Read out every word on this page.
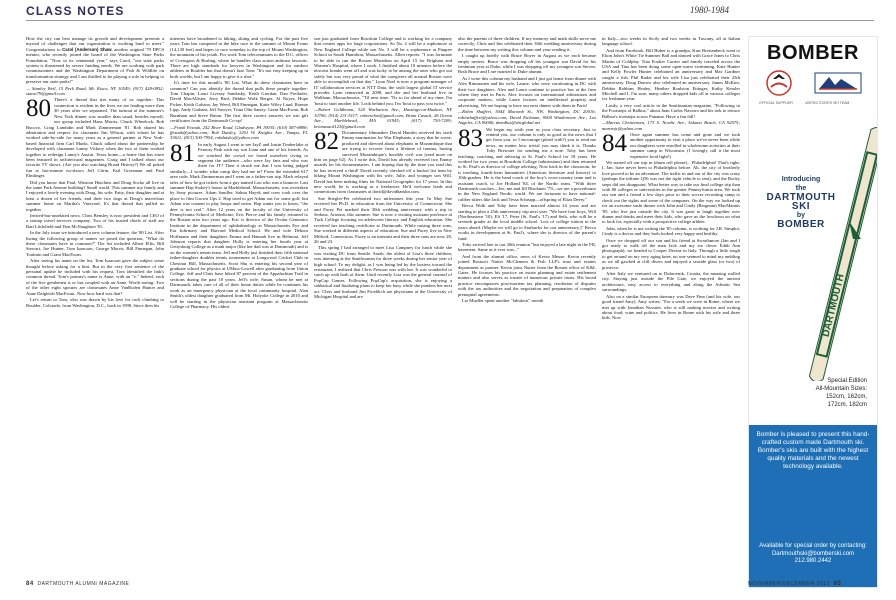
CLASS NOTES	1980-1984

How the city can best manage its growth and development presents a myriad of challenges that our organization is working hard to meet." Congratulations to Carol (Anderson) Shaw, another original '79 DPCS mentor, who recently joined the board of the Washington State Parks Foundation, "Now in its centennial year," says Carol, "our state parks system is threatened by severe funding needs. We are working with park commissioners and the Washington Department of Fish & Wildlife on transformation strategy and I am thrilled to be playing a role in helping to preserve our state parks!"

— Stanley Weil, 15 Peck Road, Mt. Kisco, NY 10549; (917) 428-0852; stanw79@gmail.com

80 There's a thread that ties many of us together: This connection is evident in the lives we are leading more than 30 years after we separated. The turnout at the summer's New York dinner was smaller than usual, besides myself, our group included Hans Morris, Chuck Wheelock, Rob Bucoco, Craig Lambdin and Mark Zimmerman '81. Rob shared his admiration and respect for classmate Jim Wilson, with whom he has worked side-by-side for many years as a general partner at New York-based financial firm Carl Marks. Chuck talked about the partnership he developed with classmate Lanny Vickery when the two of them worked together to redesign Lanny's Austin, Texas home—a home that has since been featured in architectural magazines. Craig and I talked about our favorite TV shows. (Are you also watching Broad History?) We all poked fun at last-minute no-shows Jeff Citrin, Earl Grossman and Paul Elmlinger.

Did you know that Paul, Winston Hutchins and Doug Socko all live in the same Park Avenue building? Small world. This summer my family and I enjoyed a lovely evening with Doug, his wife, Patty, their daughter and at least a dozen of her friends, and their two dogs at Doug's marvelous summer home on Martha's Vineyard. It's that thread that pulled us together.

Invited-but-unrelated news. Chris Bensley is now president and CEO of a startup travel services company. Two of his trusted chiefs of staff are Bart Littlefield and Don McNaughton '81.

In the July issue we introduced a new column feature, the '80 List. After listing the following group of names we posed the question, "What do these classmates have in common?" The list included Albert Ellis, Bill Stewart, Joe Hunter, Tom Isaacson, George Morris, Bill Finnegan, John Toulmin and Grant MacEwan.

After seeing his name on the list, Tom Isaacson gave the subject some thought before asking for a hint. But in the very first sentence of the personal update he included with his request, Tom identified the link's common thread. Tom's partner's name is Anne, with an "e." Indeed, each of the five gentlemen is or has coupled with an Anne. Worth noting: Two of the other eight spouses are classmates Anne VanRoden Hunter and Anne Dalgleish MacEwan. Now how hard was that?

Let's return to Tom, who was drawn by his love for rock climbing to Boulder, Colorado, from Washington, D.C., back in 1998. Since then his

interests have broadened to hiking, skiing and cycling. For the past five years Tom has competed in the bike race to the summit of Mount Evans (14,130 feet) and hopes to race someday to the top of Mount Washington, the mountain of his youth. For work Tom telecommutes to the D.C. offices of Covington & Burling, where he handles class action antitrust lawsuits. There are high standards for lawyers in Washington and for outdoor athletes in Boulder but that doesn't faze Tom: "It's not easy keeping up in both worlds, but I am happy to give it a shot."

It's time for this month's '80 List. What do these classmates have in common? Can you identify the thread that pulls these people together: Tom Chapin, Lauri Livesay Sandusky, Keith Giordan, Dan Freiholer, David MacAllister, Jerry Bird, Debbie Wolk Berger, Al Noyes, Hope Picker, Keith Gulston, Jay Weed, Bill Finnegan, Katie Wiley Laud, Ronnie Lipp, Andy Graham, Jeff Sawyer, Trina Olin Santry, Grant MacEwan, Bob Burnham and Steve Rutan. The first three correct answers we win gift certificates from the Dartmouth Co-op!

—Frank Fesnak, 242 River Road, Gladwyne, PA 19035; (610) 587-8898; ffesnak@yahoo.com; Rob Daisley, 3201 W. Knights Ave., Tampa, FL 33611; (813) 300-7954; robdaisley@yahoo.com

81 In early August I went to see JayZ and Justin Timberlake at Fenway Park with my son Liam and one of his friends. As we watched the crowd we found ourselves trying to segment the audience—who were Jay fans and who was there for JT? Then it struck me that I was being judged similarly—I wonder what camp they had me in? From the extended 617 area code, Mark Zimmerman and I went on a father-son trip. Mark relayed tales of how he got tickets from a guy named Lou who was a bouncer. Last summer Hap Stokey's house in Marblehead, Massachusetts, was overtaken by Sony pictures. Adam Sandler, Salma Hayek and crew took over the place to film Grown Ups 2. Hap tried to get Adam out for some golf, but Adam was content to play hoops and swim. Hap wants you to know, "the deer is not real." After 12 years on the faculty of the University of Pennsylvania School of Medicine, Eric Pierce and his family returned to the Boston area two years ago. Eric is director of the Ocular Genomics Institute in the department of ophthalmology at Massachusetts Eye and Ear Infirmary and Harvard Medical School. He and wife Debora Hoffmann and their daughters Emma and Hannah live in Belmont. Jeff Johnson reports that daughter Holly is entering her fourth year at Gettysburg College as a math major (like her dad was at Dartmouth) and is on the women's tennis team. Jeff and Holly just finished their fifth national father-daughter doubles tennis tournament at Longwood Cricket Club in Chestnut Hill, Massachusetts. Scott Shu is entering his second year of graduate school for physics at UMass-Lowell after graduating from Union College. Jeff and Chris have hiked 87 percent of the Appalachian Trail in sections during the past 10 years. Jeff's wife, Susan, whom he met at Dartmouth, takes care of all of their home duties while he continues his work as an emergency physician at the local community hospital. Alan Smith's oldest daughter graduated from Mt. Holyoke College in 2010 and will be starting in the physician assistant program at Massachusetts College of Pharmacy. His oldest

son just graduated from Bowdoin College and is working for a company that creates apps for large corporations. So No. 2 will be a sophomore at New England College while son No. 3 will be a sophomore at Pingree School in South Hamilton, Massachusetts. Allen reports: "I was fortunate to be able to run the Boston Marathon on April 15 for Brigham and Women's Hospital, where I work. I finished about 10 minutes before the terrorist bombs went off and was lucky to be among the ones who got out safely but was very proud of what the caregivers all around Boston were able to accomplish on that day." Lynn Noel is now a program manager of IT collaboration services at NTT Data, the sixth largest global IT service provider. Lynn remarried in 2008, and she and her husband live in Waltham, Massachusetts. "Til next time. 'Tis so far ahead of my time, I'm 'bout to start another life. Look behind you, I'm 'bout to pass you twice."

—Robert Goldboom, 324 Warburton Ave., Hastings-on-Hudson, NY 10706; (914) 231-5117; robertchoi@gmail.com; Brian Cusack, 26 Ocean Ave., Marblehead, MA 01945; (617) 750-7209; brianusack123@gmail.com

82 Documentary filmmaker David Hamlin received his sixth Emmy nomination for War Elephants, a story that he wrote, produced and directed about elephants in Mozambique that are trying to recover from a lifetime of trauma, having survived Mozambique's horrible civil war (read more on him on page 62). As I write this, David has already received two Emmy awards for his documentaries. I am hoping that by the time you read this he has received a third! David recently checked off a bucket list item by hiking Mount Washington with his wife, Julie, and younger son Will. David has been making films for National Geographic for 17 years. In this new world, he is working as a freelancer. He'd welcome leads and connections from classmates at david@davidhamlin.com.

Sue Stiegler-Pet celebrated two milestones this year. In May Sue received her Ph.D. in education from the University of Connecticut. She and Pacey Pet marked their 30th wedding anniversary with a trip to Sedona, Arizona, this summer. Sue is now a visiting assistant professor at Tuck College focusing on adolescent literacy and English education. She received her teaching certificate at Dartmouth. While raising three sons, Sue worked in different aspects of education. Sue and Pacey live in New Milford, Connecticut. Pacey is an internist and their three sons are now 28, 26 and 23.

This spring I had arranged to meet Lisa Campney for lunch while she was visiting DC from Seattle. Sarah, the oldest of Lisa's three children, was interning at the Smithsonian for three weeks during her senior year of high school. To my delight, as I was being led by the hostess toward the restaurant, I realized that Chris Presson was with her. It was wonderful to catch up with both of them. Until recently Lisa was the general counsel of PopCap Games. Following PopCap's acquisition, she is enjoying a sabbatical and finalizing plans to keep her busy while she ponders her next act. Chris and husband Jim Froehlich are physicians at the University of Michigan Hospital and are

also the parents of three children. If my memory and math skills serve me correctly, Chris and Jim celebrated their 30th wedding anniversary during the time between my writing this column and your reading it.

I caught up briefly with Bruce Boyer in August as we each became empty nesters. Bruce was dropping off his youngest son David for his freshman year at Duke, while I was dropping off my youngest son Steven. Both Bruce and I are married to Duke alumni.

As I write this column my husband and I just got home from dinner with Alex Rimmonen and his wife, Laurie, who were vacationing in DC with their two daughters. Alex and Laura continue to practice law at the firm where they met in Paris. Alex focuses on international arbitrations and corporate matters, while Laure focuses on intellectual property and advertising. We are hoping to have our next dinner with them in Paris!

—Robin Shaffert, 5044 Macomb St., NW, Washington, DC 20016; robinshaffert@yahoo.com; David Eichman, 9004 Windermere Ave., Los Angeles, CA 90046; dmedlux@sbcglobal.net

83 We begin my sixth year as your class secretary. Just to remind you, our column is only as good as the news that I get from you, so I encourage (plead with?) you to send me news, no matter how trivial you may think it is. Thanks Toby Brewster for sending me a note. Toby has been teaching, coaching and advising at St. Paul's School for 18 years. He worked for two years at Bowdoin College (admissions) and then returned to St. Paul's as director of college advising. Now back in the classroom, he is teaching fourth-form humanities (American literature and history) to 10th-graders. He is the head coach of the boy's cross-country team and is assistant coach, to Joe Holland '84, of the Nordic team. "With three Dartmouth coaches—Joe, me and Jill Blackmer '79—we are a powerhouse in the New England Nordic world. We are fortunate to have national-caliber skiers like Jack and Tessa Schrupp—offspring of Eliza Deery."

Becca Wolk and Toby have been married almost 24 years and are starting to plan a 25th anniversary trip next year. "We have four boys, Will (Northeastern '10), Eli '17, Peter (St. Paul's '17) and Seth, who will be a seventh grader at the local middle school. Lots of college tuition in the years ahead. (Maybe we will go to Starbucks for our anniversary.)" Becca works in development at St. Paul's, where she is director of the parent's fund.

Toby arrived late to our 30th reunion "but enjoyed a late night in the FIL basement. Same as it ever was..."

And from the alumni office, news of Kevin Meuse. Kevin recently joined Boston's Nutter McClennen & Fish LLP's trust and estates department as partner. Kevin joins Nutter from the Boston office of K&L Gates. He focuses his practice on estate planning and estate settlement matters and also serves as trustee of numerous private trusts. His broad practice encompasses post-mortem tax planning, resolution of disputes with the tax authorities and the negotiation and preparation of complex prenuptial agreements.

Liz Mueller spent another "fabulous" month

in Italy—two weeks in Sicily and two weeks in Tuscany, all at Italian language school.

And from Facebook, Bill Huber is a grandpa, Kurt Breisenbeck went to Elton John's White Tie Summer Ball and danced with Grace Jones to Chris Martin of Coldplay. Tina Poulter Carrier and family traveled across the USA and Tina has been doing some open-water swimming, Kate Hunter and Kelly Fowler Hunter celebrated an anniversary and Mac Gardner caught a fish. Phil Ruder and his wife Lisa just celebrated their 25th anniversary. Doug Darrow also celebrated an anniversary. James McKim, Debbie Robbins Healey, Heather Roulston Ettinger, Kathy Kessler Mitchell and I, I'm sure, many others dropped kids off at various colleges for freshman year.

Lastly, a very cool article in the Smithsonian magazine, "Following in the Footsteps of Balboa," about Juan Carlos Navarro and his trek to retrace Balboa's footsteps across Panama. Have a fun fall!

—Marcus Christensen, 173 S. Nordic Ave., Sokana Beach, CA 92075; marcmjc@yahoo.com

84 Once again summer has come and gone and we took another opportunity to visit a place we've never been while our daughters were enrolled in wholesome activities at their summer camp in Wisconsin. (I lovingly call it the most expensive food fight!)

We started off our trip in (drum roll please)... Philadelphia! That's right: I, Jan, have never been to Philadelphia before. Ah, the city of brotherly love proved to be an adventure. The traffic in and out of the city was crazy (perhaps the infinite Q56 was not the right vehicle to rent), and the Rocky steps did not disappoint. What better way to take our final college trip than with 80 colleges or universities in the greater Pennsylvania area. We took our son and a friend a few days prior to their soccer recruiting camp to check out the sights and some of the campuses. On the way we looked up for an awesome sushi dinner with John and Cindy (Bergman) MacMannis '85, who live just outside the city. It was great to laugh together over dinner and drinks and meet their kids, who gave us the lowdown on what to look for, especially with a prospective college athlete.

John, when he is not writing the '85 column, is working for J.R. Simplot, Cindy is a doctor and they both looked very happy and healthy.

Once we dropped off our son and his friend at Swarthmore (Jan and I got ready to walk off the man Jack and my six clever Edith Ann photograph), we headed to Cooper Devine in Italy. Through a little tough to get around on my very aging knee, no one seemed to mind my ambling as we all gawked at cliff divers and enjoyed a seaside glass (or two) of prosecco.

After Italy we ventured on to Dubrovnik, Croatia, the amazing walled city. Staying just outside the Pile Gate, we enjoyed the ancient architecture, easy access to everything and along the Adriatic Sea surroundings.

Also on a similar European itinerary was Dave Finn (and his wife, our good friend Amy). Amy writes: "For a week we were in Rome, where we met up with Jonathan Nossiter, who is still making movies and writing about food, wine and politics. He lives in Rome with his wife and three kids. Now

BOMBER
OFFICIAL SUPPLIER	UNITED STATES SKI TEAM
DARTMOUTH
Introducing
the
DARTMOUTH SKI
by
BOMBER
Special Edition
All-Mountain Sizes:
152cm, 162cm,
172cm, 182cm
Bomber is pleased to present this hand-crafted custom made Dartmouth ski. Bomber's skis are built with the highest quality materials and the newest technology available.
Available for special order by contacting:
Dartmouthski@bomberski.com
212.980.2442
84 DARTMOUTH ALUMNI MAGAZINE	NOVEMBER/DECEMBER 2013 85
